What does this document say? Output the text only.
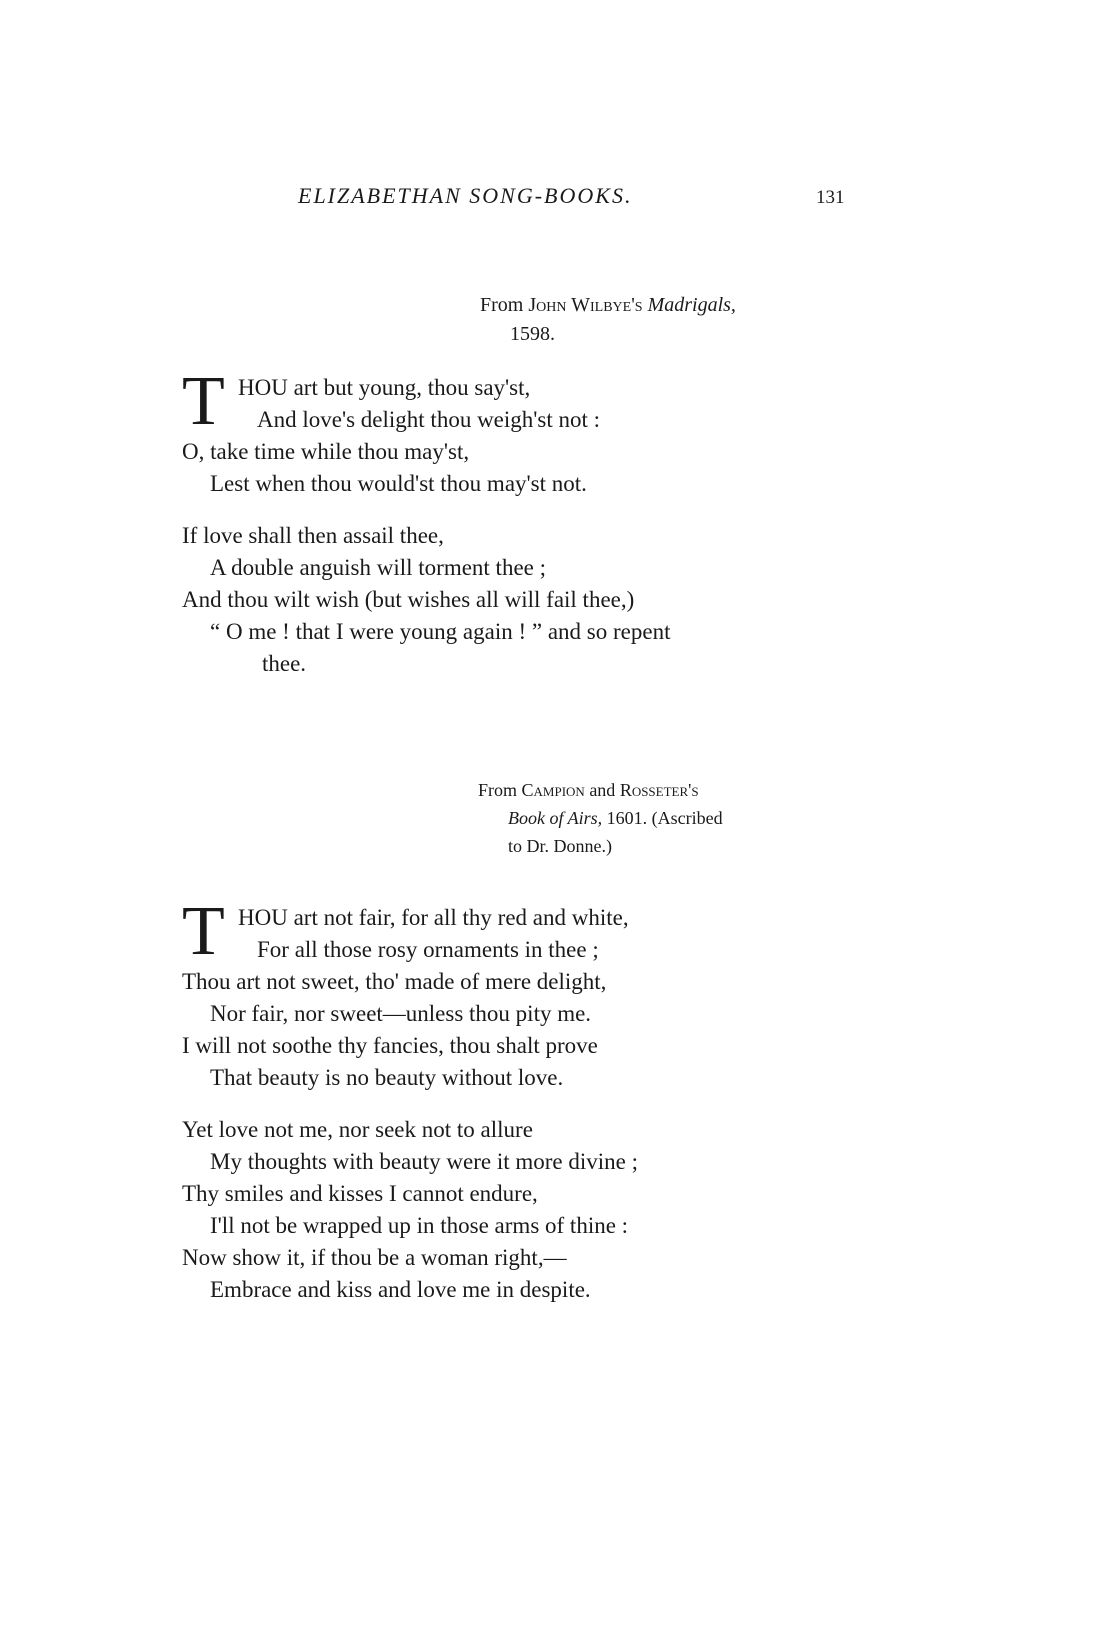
ELIZABETHAN SONG-BOOKS.	131
From John Wilbye's Madrigals,
1598.
T HOU art but young, thou say'st,
And love's delight thou weigh'st not :
O, take time while thou may'st,
Lest when thou would'st thou may'st not.
If love shall then assail thee,
A double anguish will torment thee ;
And thou wilt wish (but wishes all will fail thee,)
“ O me ! that I were young again ! ” and so repent
thee.
From Campion and Rosseter's
Book of Airs, 1601. (Ascribed
to Dr. Donne.)
T HOU art not fair, for all thy red and white,
For all those rosy ornaments in thee ;
Thou art not sweet, tho' made of mere delight,
Nor fair, nor sweet—unless thou pity me.
I will not soothe thy fancies, thou shalt prove
That beauty is no beauty without love.
Yet love not me, nor seek not to allure
My thoughts with beauty were it more divine ;
Thy smiles and kisses I cannot endure,
I'll not be wrapped up in those arms of thine :
Now show it, if thou be a woman right,—
Embrace and kiss and love me in despite.
